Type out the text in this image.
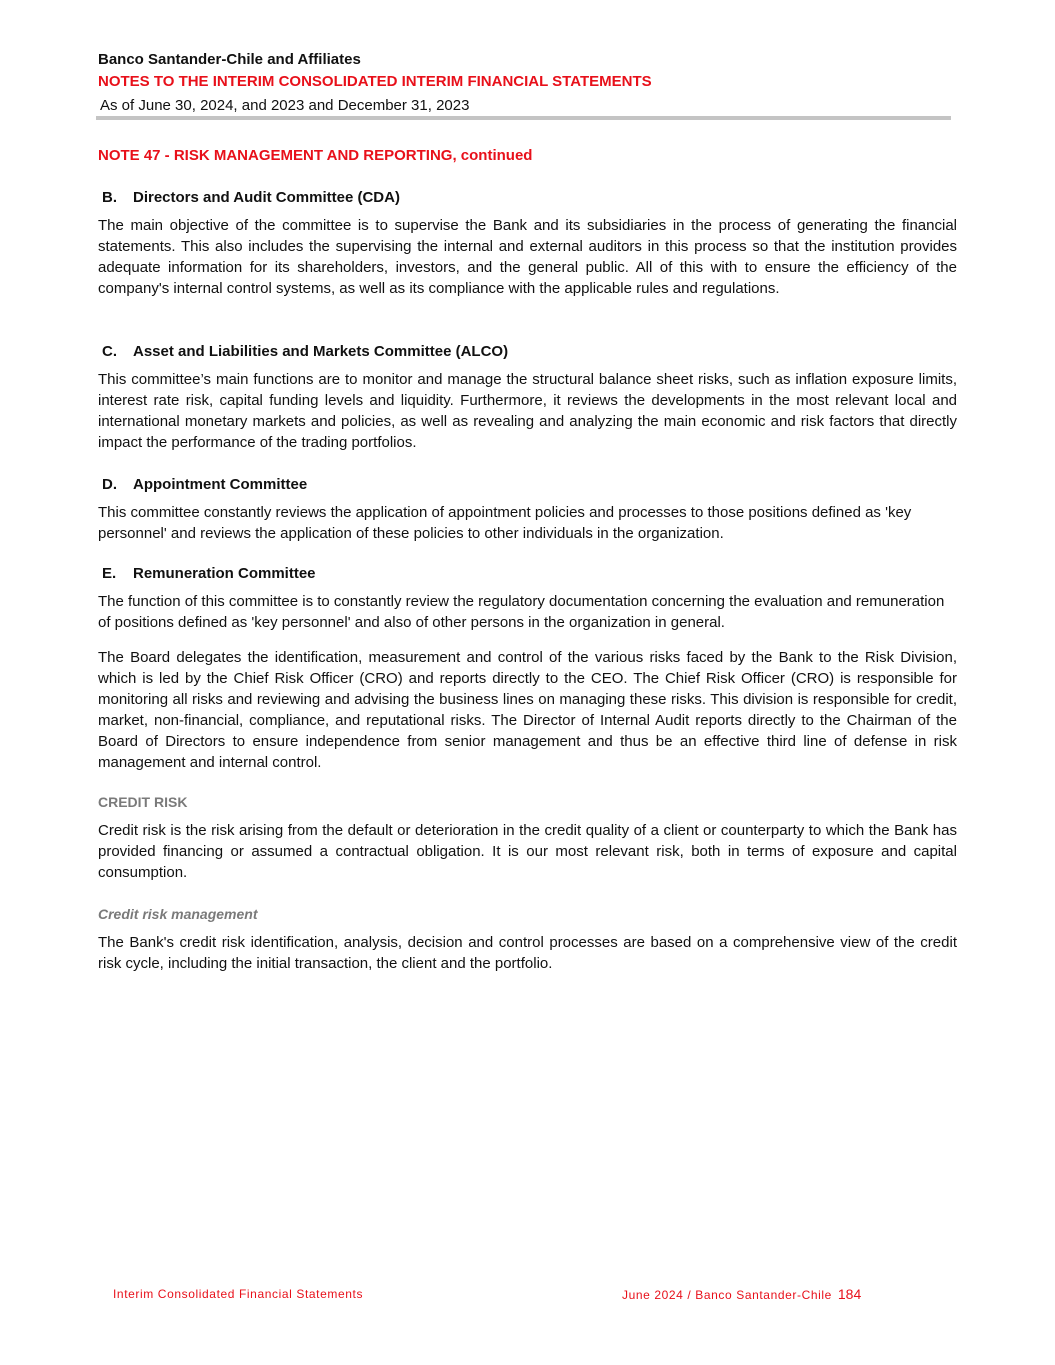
Banco Santander-Chile and Affiliates
NOTES TO THE INTERIM CONSOLIDATED INTERIM FINANCIAL STATEMENTS
As of June 30, 2024, and 2023 and December 31, 2023
NOTE 47 - RISK MANAGEMENT AND REPORTING, continued
B.	Directors and Audit Committee (CDA)

The main objective of the committee is to supervise the Bank and its subsidiaries in the process of generating the financial statements. This also includes the supervising the internal and external auditors in this process so that the institution provides adequate information for its shareholders, investors, and the general public. All of this with to ensure the efficiency of the company's internal control systems, as well as its compliance with the applicable rules and regulations.

C.	Asset and Liabilities and Markets Committee (ALCO)

This committee’s main functions are to monitor and manage the structural balance sheet risks, such as inflation exposure limits, interest rate risk, capital funding levels and liquidity. Furthermore, it reviews the developments in the most relevant local and international monetary markets and policies, as well as revealing and analyzing the main economic and risk factors that directly impact the performance of the trading portfolios.

D.	Appointment Committee

This committee constantly reviews the application of appointment policies and processes to those positions defined as 'key personnel' and reviews the application of these policies to other individuals in the organization.

E.	Remuneration Committee

The function of this committee is to constantly review the regulatory documentation concerning the evaluation and remuneration of positions defined as 'key personnel' and also of other persons in the organization in general.

The Board delegates the identification, measurement and control of the various risks faced by the Bank to the Risk Division, which is led by the Chief Risk Officer (CRO) and reports directly to the CEO. The Chief Risk Officer (CRO) is responsible for monitoring all risks and reviewing and advising the business lines on managing these risks. This division is responsible for credit, market, non-financial, compliance, and reputational risks. The Director of Internal Audit reports directly to the Chairman of the Board of Directors to ensure independence from senior management and thus be an effective third line of defense in risk management and internal control.

CREDIT RISK

Credit risk is the risk arising from the default or deterioration in the credit quality of a client or counterparty to which the Bank has provided financing or assumed a contractual obligation. It is our most relevant risk, both in terms of exposure and capital consumption.

Credit risk management

The Bank's credit risk identification, analysis, decision and control processes are based on a comprehensive view of the credit risk cycle, including the initial transaction, the client and the portfolio.

Interim Consolidated Financial Statements	June 2024 / Banco Santander-Chile 184
